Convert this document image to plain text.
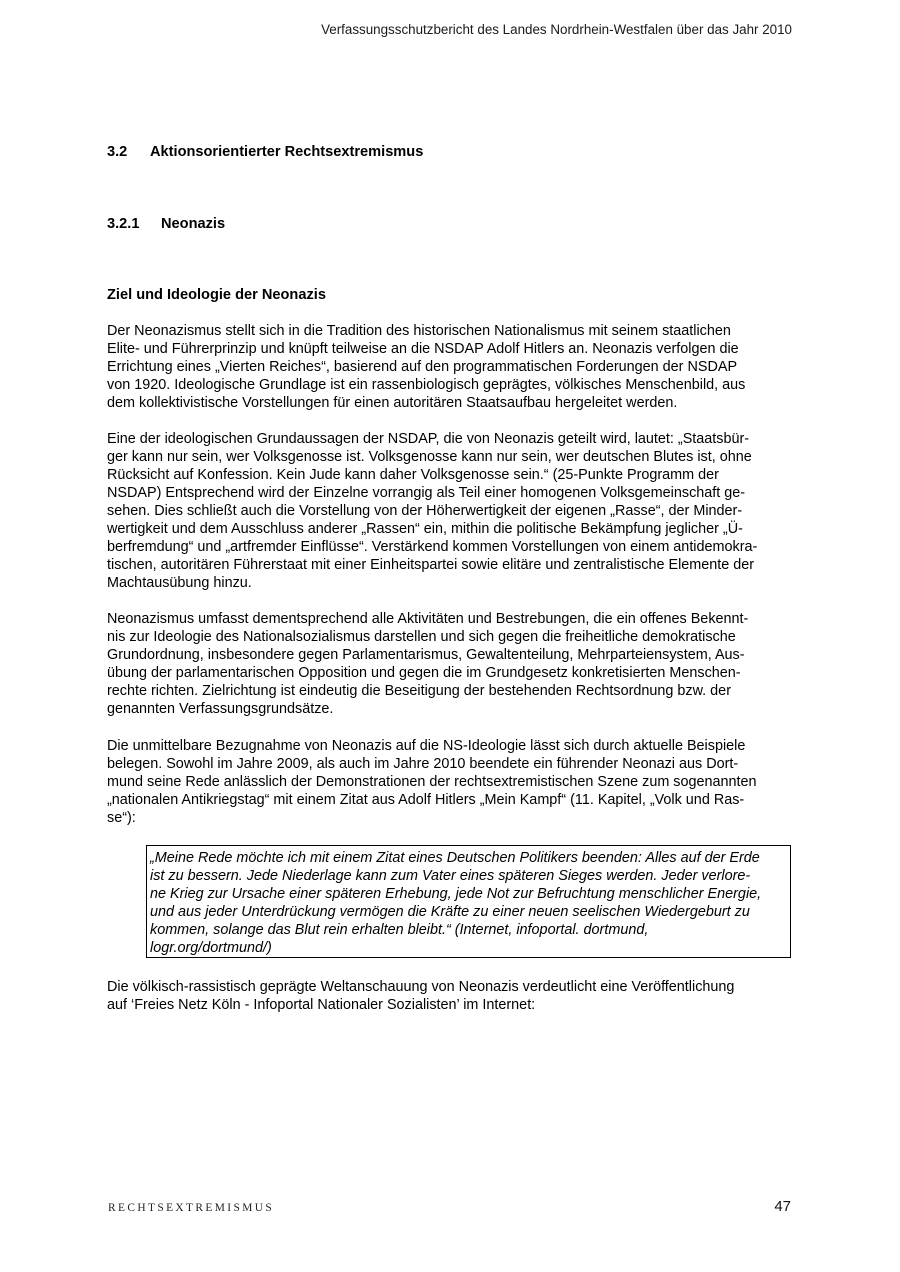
Verfassungsschutzbericht des Landes Nordrhein-Westfalen über das Jahr 2010
3.2 Aktionsorientierter Rechtsextremismus
3.2.1 Neonazis
Ziel und Ideologie der Neonazis
Der Neonazismus stellt sich in die Tradition des historischen Nationalismus mit seinem staatlichen
Elite- und Führerprinzip und knüpft teilweise an die NSDAP Adolf Hitlers an. Neonazis verfolgen die
Errichtung eines „Vierten Reiches“, basierend auf den programmatischen Forderungen der NSDAP
von 1920. Ideologische Grundlage ist ein rassenbiologisch geprägtes, völkisches Menschenbild, aus
dem kollektivistische Vorstellungen für einen autoritären Staatsaufbau hergeleitet werden.
Eine der ideologischen Grundaussagen der NSDAP, die von Neonazis geteilt wird, lautet: „Staatsbür-
ger kann nur sein, wer Volksgenosse ist. Volksgenosse kann nur sein, wer deutschen Blutes ist, ohne
Rücksicht auf Konfession. Kein Jude kann daher Volksgenosse sein.“ (25-Punkte Programm der
NSDAP) Entsprechend wird der Einzelne vorrangig als Teil einer homogenen Volksgemeinschaft ge-
sehen. Dies schließt auch die Vorstellung von der Höherwertigkeit der eigenen „Rasse“, der Minder-
wertigkeit und dem Ausschluss anderer „Rassen“ ein, mithin die politische Bekämpfung jeglicher „Ü-
berfremdung“ und „artfremder Einflüsse“. Verstärkend kommen Vorstellungen von einem antidemokra-
tischen, autoritären Führerstaat mit einer Einheitspartei sowie elitäre und zentralistische Elemente der
Machtausübung hinzu.
Neonazismus umfasst dementsprechend alle Aktivitäten und Bestrebungen, die ein offenes Bekennt-
nis zur Ideologie des Nationalsozialismus darstellen und sich gegen die freiheitliche demokratische
Grundordnung, insbesondere gegen Parlamentarismus, Gewaltenteilung, Mehrparteiensystem, Aus-
übung der parlamentarischen Opposition und gegen die im Grundgesetz konkretisierten Menschen-
rechte richten. Zielrichtung ist eindeutig die Beseitigung der bestehenden Rechtsordnung bzw. der
genannten Verfassungsgrundsätze.
Die unmittelbare Bezugnahme von Neonazis auf die NS-Ideologie lässt sich durch aktuelle Beispiele
belegen. Sowohl im Jahre 2009, als auch im Jahre 2010 beendete ein führender Neonazi aus Dort-
mund seine Rede anlässlich der Demonstrationen der rechtsextremistischen Szene zum sogenannten
„nationalen Antikriegstag“ mit einem Zitat aus Adolf Hitlers „Mein Kampf“ (11. Kapitel, „Volk und Ras-
se“):
Die völkisch-rassistisch geprägte Weltanschauung von Neonazis verdeutlicht eine Veröffentlichung
auf ‘Freies Netz Köln - Infoportal Nationaler Sozialisten’ im Internet:
„Meine Rede möchte ich mit einem Zitat eines Deutschen Politikers beenden: Alles auf der Erde
ist zu bessern. Jede Niederlage kann zum Vater eines späteren Sieges werden. Jeder verlore-
ne Krieg zur Ursache einer späteren Erhebung, jede Not zur Befruchtung menschlicher Energie,
und aus jeder Unterdrückung vermögen die Kräfte zu einer neuen seelischen Wiedergeburt zu
kommen, solange das Blut rein erhalten bleibt.“ (Internet, infoportal. dortmund,
logr.org/dortmund/)
RECHTSEXTREMISMUS	47
